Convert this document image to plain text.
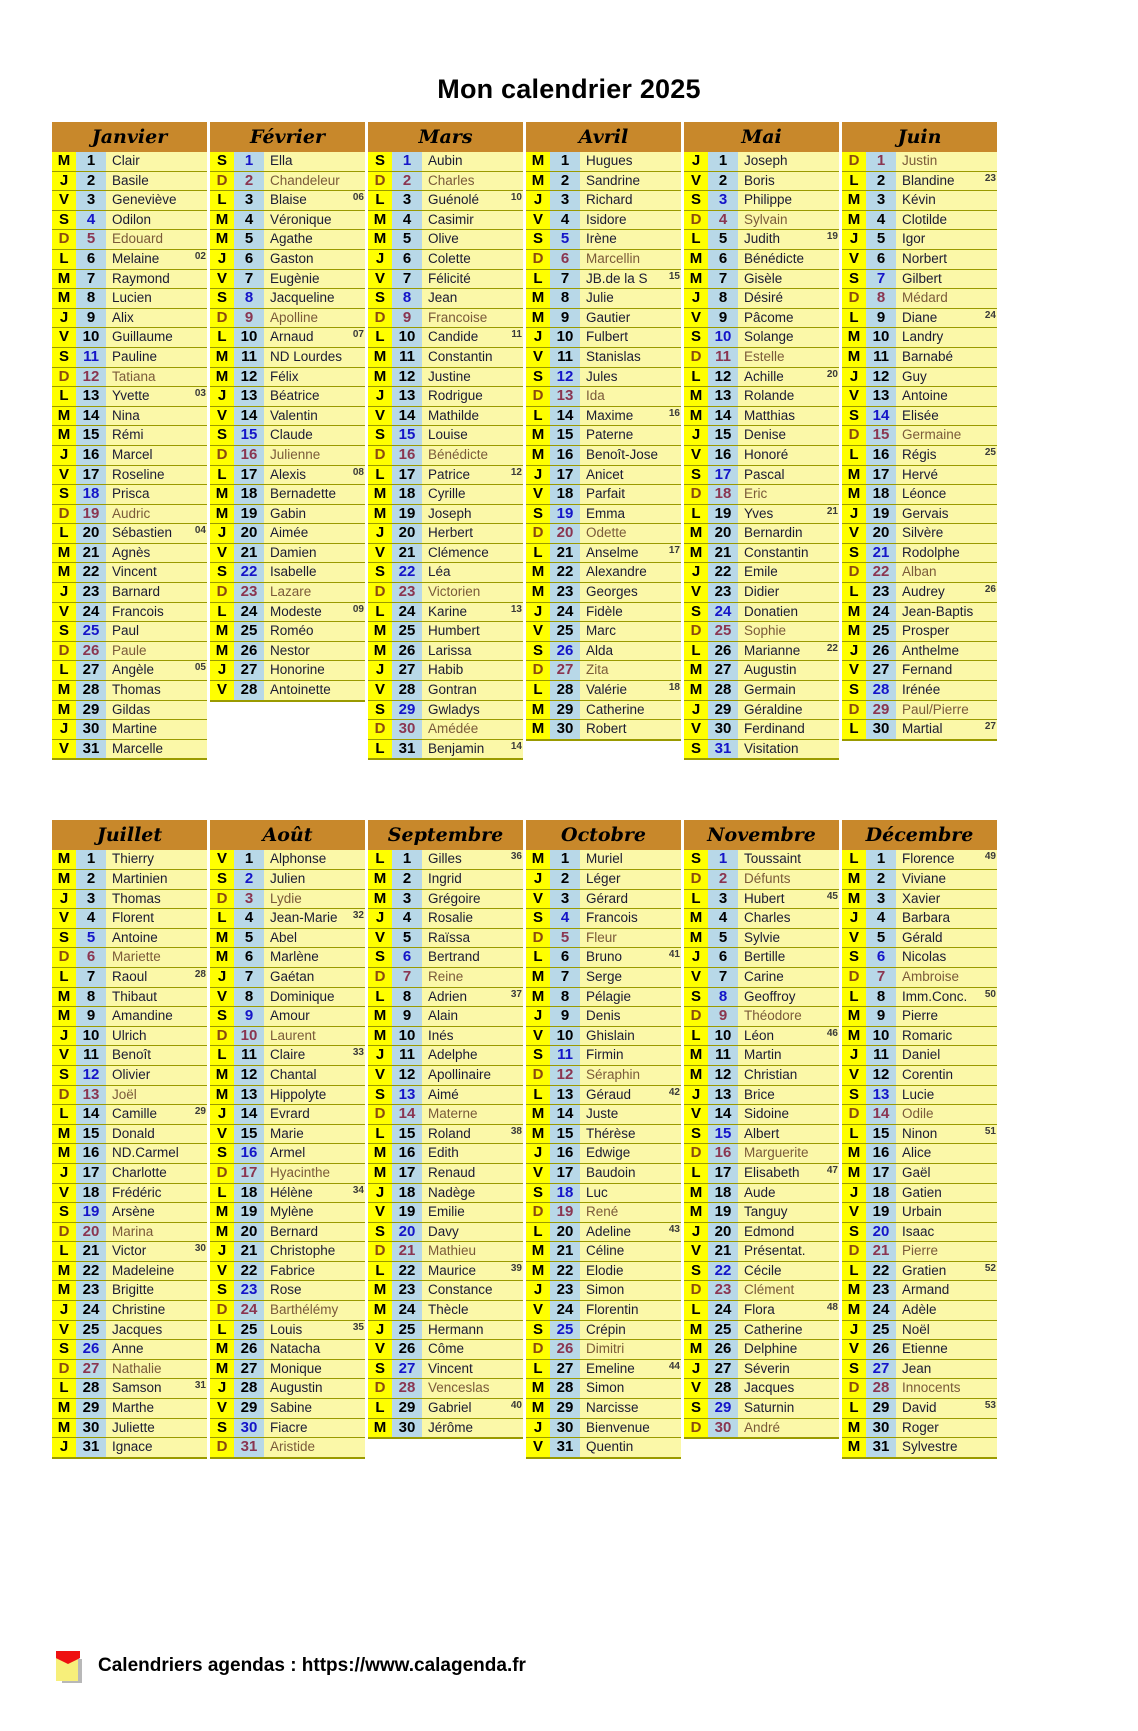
Mon calendrier 2025
Janvier
M	1	Clair
J	2	Basile
V	3	Geneviève
S	4	Odilon
D	5	Edouard
L	6	Melaine	02
M	7	Raymond
M	8	Lucien
J	9	Alix
V 10 Guillaume
S 11 Pauline
D 12 Tatiana
L 13 Yvette	03
M 14 Nina
M 15 Rémi
J 16 Marcel
V 17 Roseline
S 18 Prisca
D 19 Audric
L 20 Sébastien	04
M 21 Agnès
M 22 Vincent
J 23 Barnard
V 24 Francois
S 25 Paul
D 26 Paule
L 27 Angèle	05
M 28 Thomas
M 29 Gildas
J 30 Martine
V 31 Marcelle
Février
S	1	Ella
D	2	Chandeleur
L	3	Blaise	06
M	4	Véronique
M	5	Agathe
J	6	Gaston
V	7	Eugènie
S	8	Jacqueline
D	9	Apolline
L 10 Arnaud	07
M 11 ND Lourdes
M 12 Félix
J 13 Béatrice
V 14 Valentin
S 15 Claude
D 16 Julienne
L 17 Alexis	08
M 18 Bernadette
M 19 Gabin
J 20 Aimée
V 21 Damien
S 22 Isabelle
D 23 Lazare
L 24 Modeste	09
M 25 Roméo
M 26 Nestor
J 27 Honorine
V 28 Antoinette
Mars
S	1	Aubin
D	2	Charles
L	3	Guénolé	10
M	4	Casimir
M	5	Olive
J	6	Colette
V	7	Félicité
S	8	Jean
D	9	Francoise
L 10 Candide	11
M 11 Constantin
M 12 Justine
J 13 Rodrigue
V 14 Mathilde
S 15 Louise
D 16 Bénédicte
L 17 Patrice	12
M 18 Cyrille
M 19 Joseph
J 20 Herbert
V 21 Clémence
S 22 Léa
D 23 Victorien
L 24 Karine	13
M 25 Humbert
M 26 Larissa
J 27 Habib
V 28 Gontran
S 29 Gwladys
D 30 Amédée
L 31 Benjamin	14
Avril
M	1	Hugues
M	2	Sandrine
J	3	Richard
V	4	Isidore
S	5	Irène
D	6	Marcellin
L	7	JB.de la S	15
M	8	Julie
M	9	Gautier
J 10 Fulbert
V 11 Stanislas
S 12 Jules
D 13 Ida
L 14 Maxime	16
M 15 Paterne
M 16 Benoît-Jose
J 17 Anicet
V 18 Parfait
S 19 Emma
D 20 Odette
L 21 Anselme	17
M 22 Alexandre
M 23 Georges
J 24 Fidèle
V 25 Marc
S 26 Alda
D 27 Zita
L 28 Valérie	18
M 29 Catherine
M 30 Robert
Mai
J	1	Joseph
V	2	Boris
S	3	Philippe
D	4	Sylvain
L	5	Judith	19
M	6	Bénédicte
M	7	Gisèle
J	8	Désiré
V	9	Pâcome
S 10 Solange
D 11 Estelle
L 12 Achille	20
M 13 Rolande
M 14 Matthias
J 15 Denise
V 16 Honoré
S 17 Pascal
D 18 Eric
L 19 Yves	21
M 20 Bernardin
M 21 Constantin
J 22 Emile
V 23 Didier
S 24 Donatien
D 25 Sophie
L 26 Marianne	22
M 27 Augustin
M 28 Germain
J 29 Géraldine
V 30 Ferdinand
S 31 Visitation
Juin
D	1	Justin
L	2	Blandine	23
M	3	Kévin
M	4	Clotilde
J	5	Igor
V	6	Norbert
S	7	Gilbert
D	8	Médard
L	9	Diane	24
M 10 Landry
M 11 Barnabé
J 12 Guy
V 13 Antoine
S 14 Elisée
D 15 Germaine
L 16 Régis	25
M 17 Hervé
M 18 Léonce
J 19 Gervais
V 20 Silvère
S 21 Rodolphe
D 22 Alban
L 23 Audrey	26
M 24 Jean-Baptis
M 25 Prosper
J 26 Anthelme
V 27 Fernand
S 28 Irénée
D 29 Paul/Pierre
L 30 Martial	27
Juillet
M	1	Thierry
M	2	Martinien
J	3	Thomas
V	4	Florent
S	5	Antoine
D	6	Mariette
L	7	Raoul	28
M	8	Thibaut
M	9	Amandine
J 10 Ulrich
V 11 Benoît
S 12 Olivier
D 13 Joël
L 14 Camille	29
M 15 Donald
M 16 ND.Carmel
J 17 Charlotte
V 18 Frédéric
S 19 Arsène
D 20 Marina
L 21 Victor	30
M 22 Madeleine
M 23 Brigitte
J 24 Christine
V 25 Jacques
S 26 Anne
D 27 Nathalie
L 28 Samson	31
M 29 Marthe
M 30 Juliette
J 31 Ignace
Août
V	1	Alphonse
S	2	Julien
D	3	Lydie
L	4	Jean-Marie	32
M	5	Abel
M	6	Marlène
J	7	Gaétan
V	8	Dominique
S	9	Amour
D 10 Laurent
L 11 Claire	33
M 12 Chantal
M 13 Hippolyte
J 14 Evrard
V 15 Marie
S 16 Armel
D 17 Hyacinthe
L 18 Hélène	34
M 19 Mylène
M 20 Bernard
J 21 Christophe
V 22 Fabrice
S 23 Rose
D 24 Barthélémy
L 25 Louis	35
M 26 Natacha
M 27 Monique
J 28 Augustin
V 29 Sabine
S 30 Fiacre
D 31 Aristide
Septembre
L	1	Gilles	36
M	2	Ingrid
M	3	Grégoire
J	4	Rosalie
V	5	Raïssa
S	6	Bertrand
D	7	Reine
L	8	Adrien	37
M	9	Alain
M 10 Inés
J 11 Adelphe
V 12 Apollinaire
S 13 Aimé
D 14 Materne
L 15 Roland	38
M 16 Edith
M 17 Renaud
J 18 Nadège
V 19 Emilie
S 20 Davy
D 21 Mathieu
L 22 Maurice	39
M 23 Constance
M 24 Thècle
J 25 Hermann
V 26 Côme
S 27 Vincent
D 28 Venceslas
L 29 Gabriel	40
M 30 Jérôme
Octobre
M	1	Muriel
J	2	Léger
V	3	Gérard
S	4	Francois
D	5	Fleur
L	6	Bruno	41
M	7	Serge
M	8	Pélagie
J	9	Denis
V 10 Ghislain
S 11 Firmin
D 12 Séraphin
L 13 Géraud	42
M 14 Juste
M 15 Thérèse
J 16 Edwige
V 17 Baudoin
S 18 Luc
D 19 René
L 20 Adeline	43
M 21 Céline
M 22 Elodie
J 23 Simon
V 24 Florentin
S 25 Crépin
D 26 Dimitri
L 27 Emeline	44
M 28 Simon
M 29 Narcisse
J 30 Bienvenue
V 31 Quentin
Novembre
S	1	Toussaint
D	2	Défunts
L	3	Hubert	45
M	4	Charles
M	5	Sylvie
J	6	Bertille
V	7	Carine
S	8	Geoffroy
D	9	Théodore
L 10 Léon	46
M 11 Martin
M 12 Christian
J 13 Brice
V 14 Sidoine
S 15 Albert
D 16 Marguerite
L 17 Elisabeth	47
M 18 Aude
M 19 Tanguy
J 20 Edmond
V 21 Présentat.
S 22 Cécile
D 23 Clément
L 24 Flora	48
M 25 Catherine
M 26 Delphine
J 27 Séverin
V 28 Jacques
S 29 Saturnin
D 30 André
Décembre
L	1	Florence	49
M	2	Viviane
M	3	Xavier
J	4	Barbara
V	5	Gérald
S	6	Nicolas
D	7	Ambroise
L	8	Imm.Conc.	50
M	9	Pierre
M 10 Romaric
J 11 Daniel
V 12 Corentin
S 13 Lucie
D 14 Odile
L 15 Ninon	51
M 16 Alice
M 17 Gaël
J 18 Gatien
V 19 Urbain
S 20 Isaac
D 21 Pierre
L 22 Gratien	52
M 23 Armand
M 24 Adèle
J 25 Noël
V 26 Etienne
S 27 Jean
D 28 Innocents
L 29 David	53
M 30 Roger
M 31 Sylvestre
Calendriers agendas : https://www.calagenda.fr
